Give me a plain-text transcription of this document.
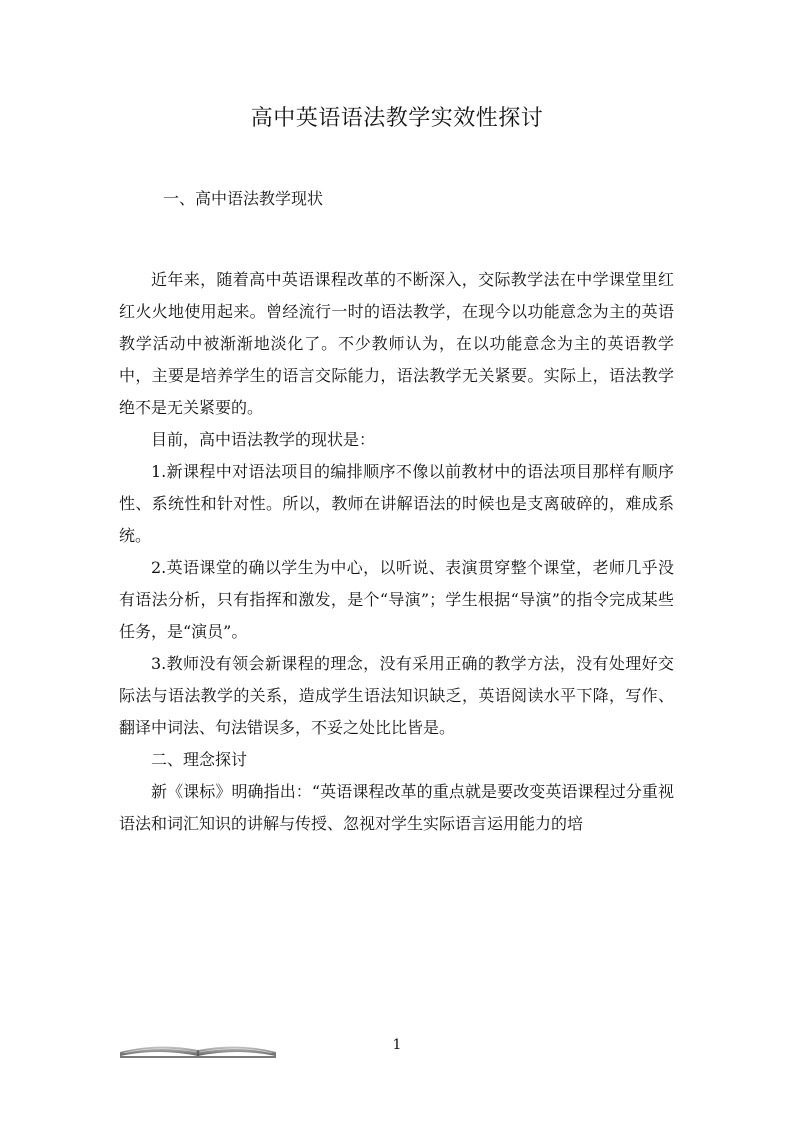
高中英语语法教学实效性探讨
一、高中语法教学现状

近年来，随着高中英语课程改革的不断深入，交际教学法在中学课堂里红红火火地使用起来。曾经流行一时的语法教学，在现今以功能意念为主的英语教学活动中被渐渐地淡化了。不少教师认为，在以功能意念为主的英语教学中，主要是培养学生的语言交际能力，语法教学无关紧要。实际上，语法教学绝不是无关紧要的。

目前，高中语法教学的现状是：

1.新课程中对语法项目的编排顺序不像以前教材中的语法项目那样有顺序性、系统性和针对性。所以，教师在讲解语法的时候也是支离破碎的，难成系统。

2.英语课堂的确以学生为中心，以听说、表演贯穿整个课堂，老师几乎没有语法分析，只有指挥和激发，是个“导演”；学生根据“导演”的指令完成某些任务，是“演员”。

3.教师没有领会新课程的理念，没有采用正确的教学方法，没有处理好交际法与语法教学的关系，造成学生语法知识缺乏，英语阅读水平下降，写作、翻译中词法、句法错误多，不妥之处比比皆是。

二、理念探讨

新《课标》明确指出：“英语课程改革的重点就是要改变英语课程过分重视语法和词汇知识的讲解与传授、忽视对学生实际语言运用能力的培

1
